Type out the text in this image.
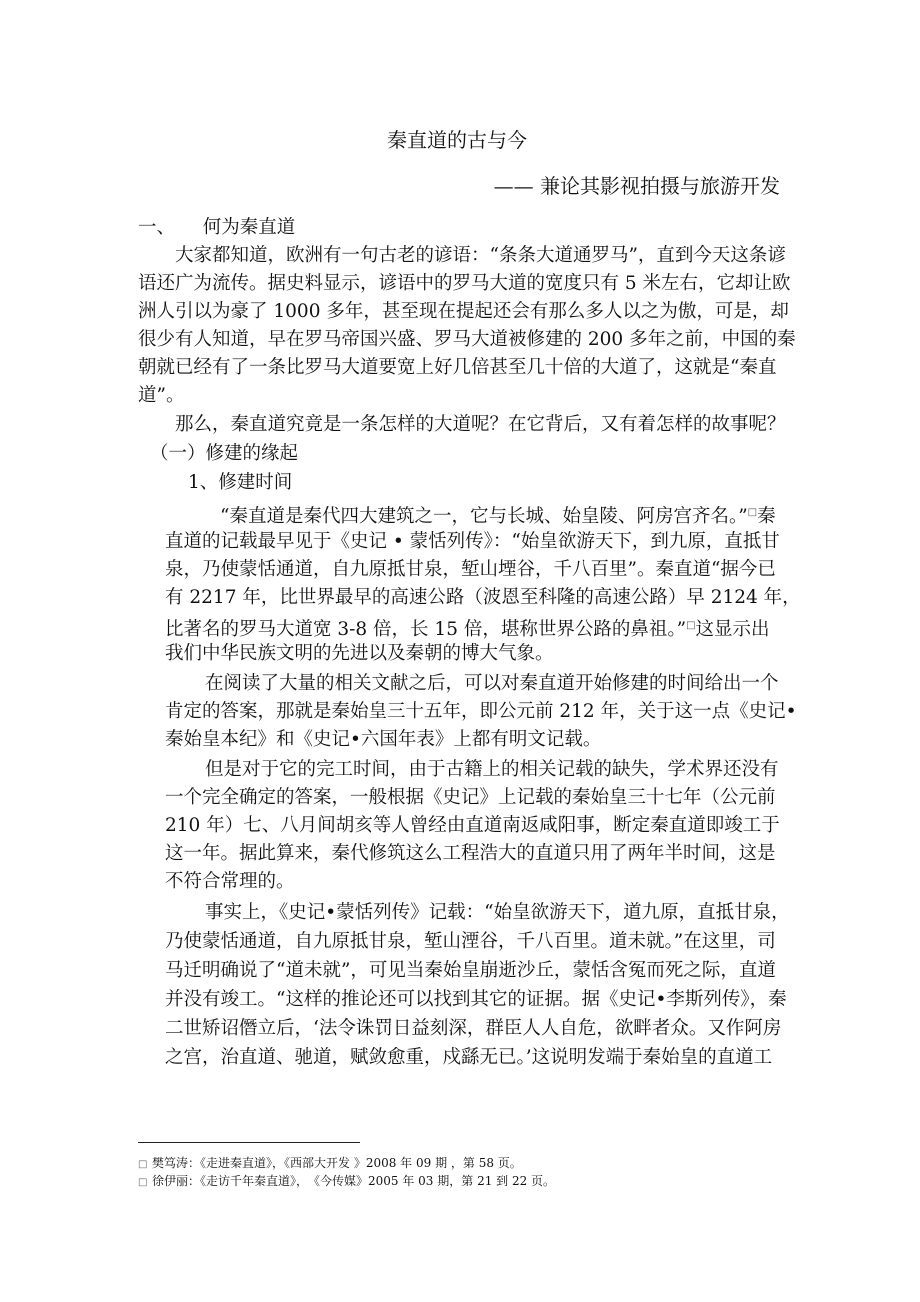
秦直道的古与今
—— 兼论其影视拍摄与旅游开发
一、　　何为秦直道
大家都知道，欧洲有一句古老的谚语：“条条大道通罗马”，直到今天这条谚
语还广为流传。据史料显示，谚语中的罗马大道的宽度只有 5 米左右，它却让欧
洲人引以为豪了 1000 多年，甚至现在提起还会有那么多人以之为傲，可是，却
很少有人知道，早在罗马帝国兴盛、罗马大道被修建的 200 多年之前，中国的秦
朝就已经有了一条比罗马大道要宽上好几倍甚至几十倍的大道了，这就是“秦直
道”。
那么，秦直道究竟是一条怎样的大道呢？在它背后，又有着怎样的故事呢？
（一）修建的缘起
1、修建时间
“秦直道是秦代四大建筑之一，它与长城、始皇陵、阿房宫齐名。”□秦
直道的记载最早见于《史记 • 蒙恬列传》：“始皇欲游天下，到九原，直抵甘
泉，乃使蒙恬通道，自九原抵甘泉，堑山堙谷，千八百里”。秦直道“据今已
有 2217 年，比世界最早的高速公路（波恩至科隆的高速公路）早 2124 年，
比著名的罗马大道宽 3-8 倍，长 15 倍，堪称世界公路的鼻祖。”□这显示出
我们中华民族文明的先进以及秦朝的博大气象。
在阅读了大量的相关文献之后，可以对秦直道开始修建的时间给出一个
肯定的答案，那就是秦始皇三十五年，即公元前 212 年，关于这一点《史记•
秦始皇本纪》和《史记•六国年表》上都有明文记载。
但是对于它的完工时间，由于古籍上的相关记载的缺失，学术界还没有
一个完全确定的答案，一般根据《史记》上记载的秦始皇三十七年（公元前
210 年）七、八月间胡亥等人曾经由直道南返咸阳事，断定秦直道即竣工于
这一年。据此算来，秦代修筑这么工程浩大的直道只用了两年半时间，这是
不符合常理的。
事实上，《史记•蒙恬列传》记载：“始皇欲游天下，道九原，直抵甘泉，
乃使蒙恬通道，自九原抵甘泉，堑山湮谷，千八百里。道未就。”在这里，司
马迁明确说了“道未就”，可见当秦始皇崩逝沙丘，蒙恬含冤而死之际，直道
并没有竣工。“这样的推论还可以找到其它的证据。据《史记•李斯列传》，秦
二世矫诏僭立后，‘法令诛罚日益刻深，群臣人人自危，欲畔者众。又作阿房
之宫，治直道、驰道，赋敛愈重，戍繇无已。’这说明发端于秦始皇的直道工
□ 樊笃涛：《走进秦直道》，《西部大开发 》2008 年 09 期 ，第 58 页。
□ 徐伊丽：《走访千年秦直道》，　《今传媒》2005 年 03 期，第 21 到 22 页。
